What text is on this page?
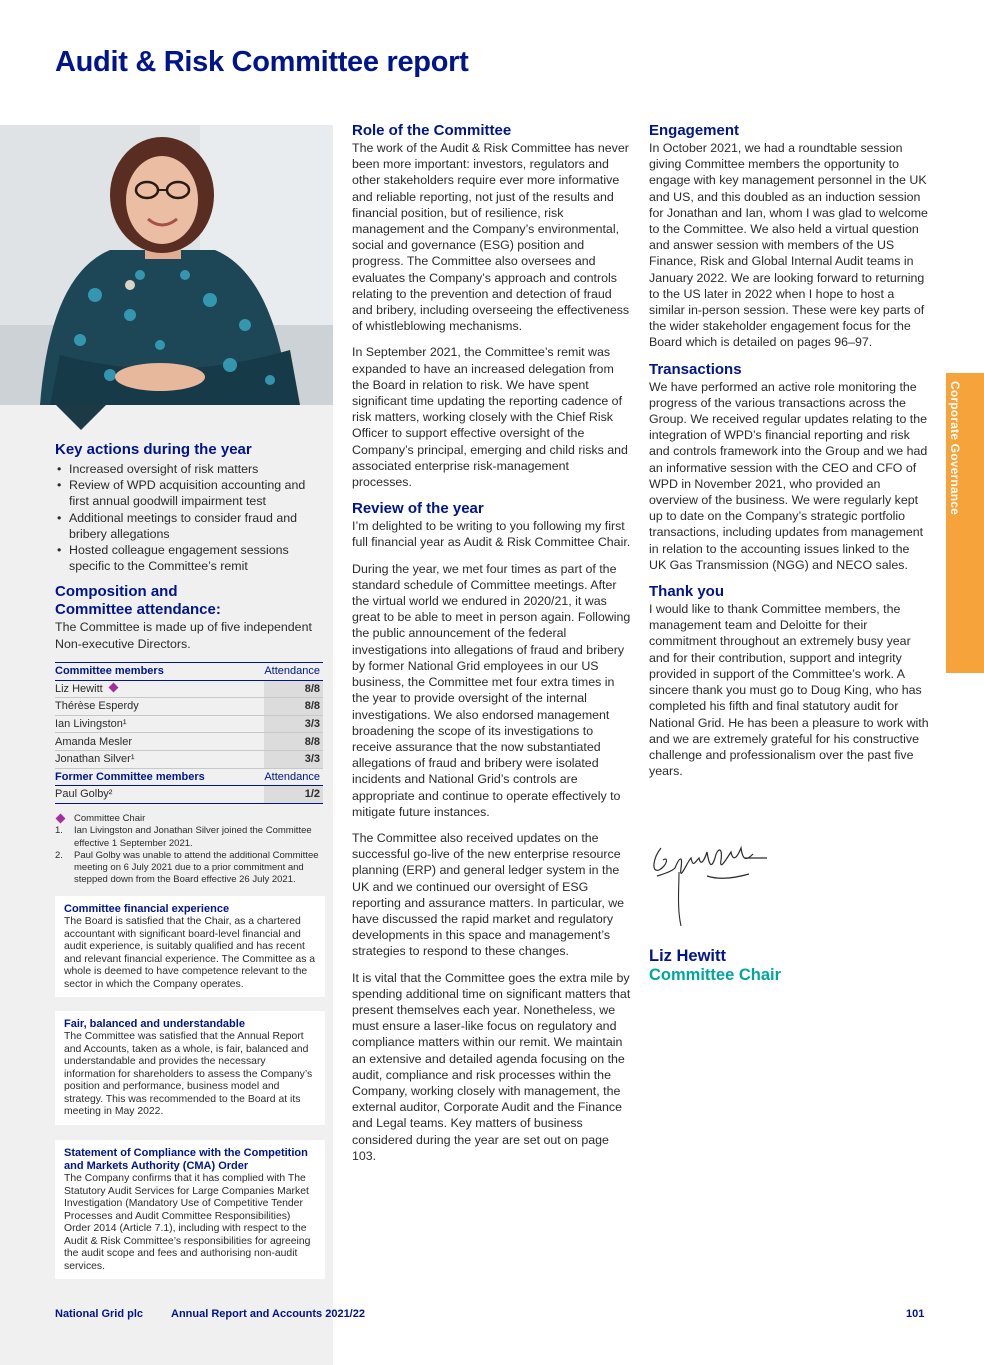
Audit & Risk Committee report
Corporate Governance
Key actions during the year
• Increased oversight of risk matters
• Review of WPD acquisition accounting and first annual goodwill impairment test
• Additional meetings to consider fraud and bribery allegations
• Hosted colleague engagement sessions specific to the Committee’s remit
Composition and
Committee attendance:
The Committee is made up of five independent Non-executive Directors.
Committee members	Attendance
Liz Hewitt	8/8
Thérèse Esperdy	8/8
Ian Livingston¹	3/3
Amanda Mesler	8/8
Jonathan Silver¹	3/3
Former Committee members	Attendance
Paul Golby²	1/2
Committee Chair
1. Ian Livingston and Jonathan Silver joined the Committee effective 1 September 2021.
2. Paul Golby was unable to attend the additional Committee meeting on 6 July 2021 due to a prior commitment and stepped down from the Board effective 26 July 2021.
Committee financial experience
The Board is satisfied that the Chair, as a chartered accountant with significant board-level financial and audit experience, is suitably qualified and has recent and relevant financial experience. The Committee as a whole is deemed to have competence relevant to the sector in which the Company operates.
Fair, balanced and understandable
The Committee was satisfied that the Annual Report and Accounts, taken as a whole, is fair, balanced and understandable and provides the necessary information for shareholders to assess the Company’s position and performance, business model and strategy. This was recommended to the Board at its meeting in May 2022.
Statement of Compliance with the Competition and Markets Authority (CMA) Order
The Company confirms that it has complied with The Statutory Audit Services for Large Companies Market Investigation (Mandatory Use of Competitive Tender Processes and Audit Committee Responsibilities) Order 2014 (Article 7.1), including with respect to the Audit & Risk Committee’s responsibilities for agreeing the audit scope and fees and authorising non-audit services.
Role of the Committee
The work of the Audit & Risk Committee has never been more important: investors, regulators and other stakeholders require ever more informative and reliable reporting, not just of the results and financial position, but of resilience, risk management and the Company’s environmental, social and governance (ESG) position and progress. The Committee also oversees and evaluates the Company’s approach and controls relating to the prevention and detection of fraud and bribery, including overseeing the effectiveness of whistleblowing mechanisms.
In September 2021, the Committee’s remit was expanded to have an increased delegation from the Board in relation to risk. We have spent significant time updating the reporting cadence of risk matters, working closely with the Chief Risk Officer to support effective oversight of the Company’s principal, emerging and child risks and associated enterprise risk-management processes.
Review of the year
I’m delighted to be writing to you following my first full financial year as Audit & Risk Committee Chair.
During the year, we met four times as part of the standard schedule of Committee meetings. After the virtual world we endured in 2020/21, it was great to be able to meet in person again. Following the public announcement of the federal investigations into allegations of fraud and bribery by former National Grid employees in our US business, the Committee met four extra times in the year to provide oversight of the internal investigations. We also endorsed management broadening the scope of its investigations to receive assurance that the now substantiated allegations of fraud and bribery were isolated incidents and National Grid’s controls are appropriate and continue to operate effectively to mitigate future instances.
The Committee also received updates on the successful go-live of the new enterprise resource planning (ERP) and general ledger system in the UK and we continued our oversight of ESG reporting and assurance matters. In particular, we have discussed the rapid market and regulatory developments in this space and management’s strategies to respond to these changes.
It is vital that the Committee goes the extra mile by spending additional time on significant matters that present themselves each year. Nonetheless, we must ensure a laser-like focus on regulatory and compliance matters within our remit. We maintain an extensive and detailed agenda focusing on the audit, compliance and risk processes within the Company, working closely with management, the external auditor, Corporate Audit and the Finance and Legal teams. Key matters of business considered during the year are set out on page 103.
Engagement
In October 2021, we had a roundtable session giving Committee members the opportunity to engage with key management personnel in the UK and US, and this doubled as an induction session for Jonathan and Ian, whom I was glad to welcome to the Committee. We also held a virtual question and answer session with members of the US Finance, Risk and Global Internal Audit teams in January 2022. We are looking forward to returning to the US later in 2022 when I hope to host a similar in-person session. These were key parts of the wider stakeholder engagement focus for the Board which is detailed on pages 96–97.
Transactions
We have performed an active role monitoring the progress of the various transactions across the Group. We received regular updates relating to the integration of WPD’s financial reporting and risk and controls framework into the Group and we had an informative session with the CEO and CFO of WPD in November 2021, who provided an overview of the business. We were regularly kept up to date on the Company’s strategic portfolio transactions, including updates from management in relation to the accounting issues linked to the UK Gas Transmission (NGG) and NECO sales.
Thank you
I would like to thank Committee members, the management team and Deloitte for their commitment throughout an extremely busy year and for their contribution, support and integrity provided in support of the Committee’s work. A sincere thank you must go to Doug King, who has completed his fifth and final statutory audit for National Grid. He has been a pleasure to work with and we are extremely grateful for his constructive challenge and professionalism over the past five years.
Liz Hewitt
Committee Chair
National Grid plc	Annual Report and Accounts 2021/22	101
